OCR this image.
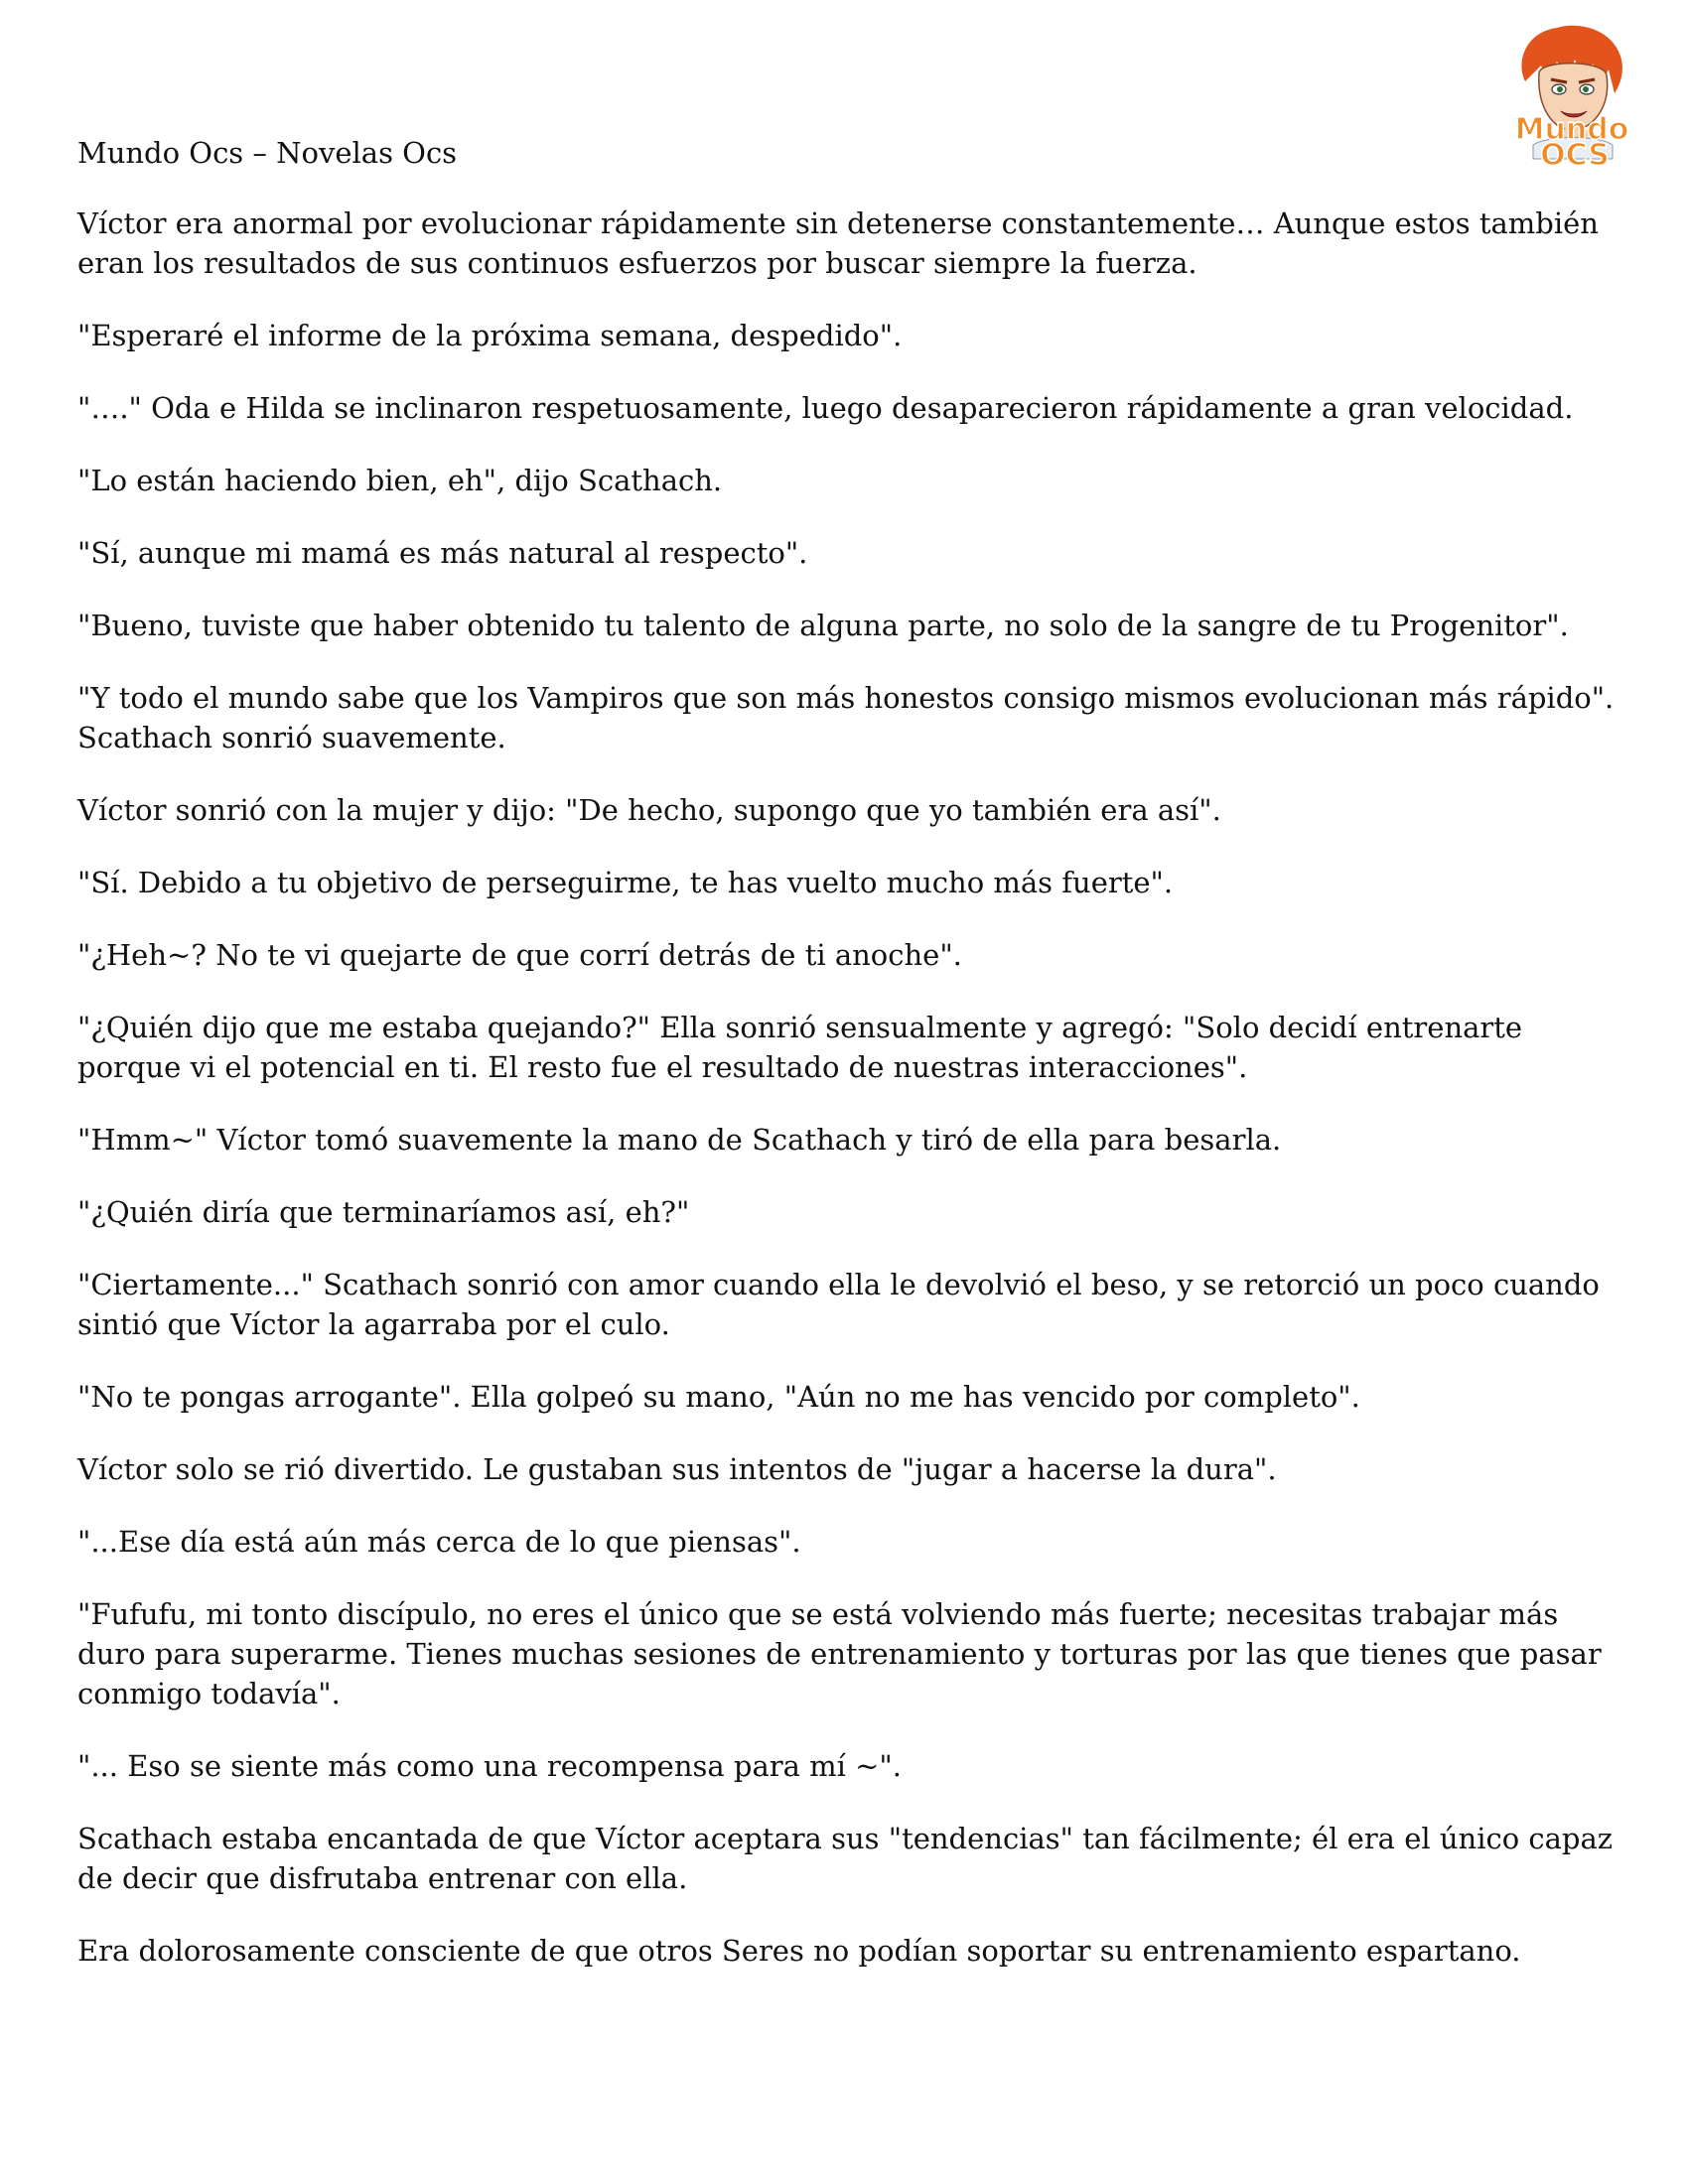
Mundo Ocs – Novelas Ocs
Mundo
OCS

Víctor era anormal por evolucionar rápidamente sin detenerse constantemente… Aunque estos también eran los resultados de sus continuos esfuerzos por buscar siempre la fuerza.

"Esperaré el informe de la próxima semana, despedido".

"…." Oda e Hilda se inclinaron respetuosamente, luego desaparecieron rápidamente a gran velocidad.

"Lo están haciendo bien, eh", dijo Scathach.

"Sí, aunque mi mamá es más natural al respecto".

"Bueno, tuviste que haber obtenido tu talento de alguna parte, no solo de la sangre de tu Progenitor".

"Y todo el mundo sabe que los Vampiros que son más honestos consigo mismos evolucionan más rápido". Scathach sonrió suavemente.

Víctor sonrió con la mujer y dijo: "De hecho, supongo que yo también era así".

"Sí. Debido a tu objetivo de perseguirme, te has vuelto mucho más fuerte".

"¿Heh~? No te vi quejarte de que corrí detrás de ti anoche".

"¿Quién dijo que me estaba quejando?" Ella sonrió sensualmente y agregó: "Solo decidí entrenarte porque vi el potencial en ti. El resto fue el resultado de nuestras interacciones".

"Hmm~" Víctor tomó suavemente la mano de Scathach y tiró de ella para besarla.

"¿Quién diría que terminaríamos así, eh?"

"Ciertamente..." Scathach sonrió con amor cuando ella le devolvió el beso, y se retorció un poco cuando sintió que Víctor la agarraba por el culo.

"No te pongas arrogante". Ella golpeó su mano, "Aún no me has vencido por completo".

Víctor solo se rió divertido. Le gustaban sus intentos de "jugar a hacerse la dura".

"...Ese día está aún más cerca de lo que piensas".

"Fufufu, mi tonto discípulo, no eres el único que se está volviendo más fuerte; necesitas trabajar más duro para superarme. Tienes muchas sesiones de entrenamiento y torturas por las que tienes que pasar conmigo todavía".

"... Eso se siente más como una recompensa para mí ~".

Scathach estaba encantada de que Víctor aceptara sus "tendencias" tan fácilmente; él era el único capaz de decir que disfrutaba entrenar con ella.

Era dolorosamente consciente de que otros Seres no podían soportar su entrenamiento espartano.
